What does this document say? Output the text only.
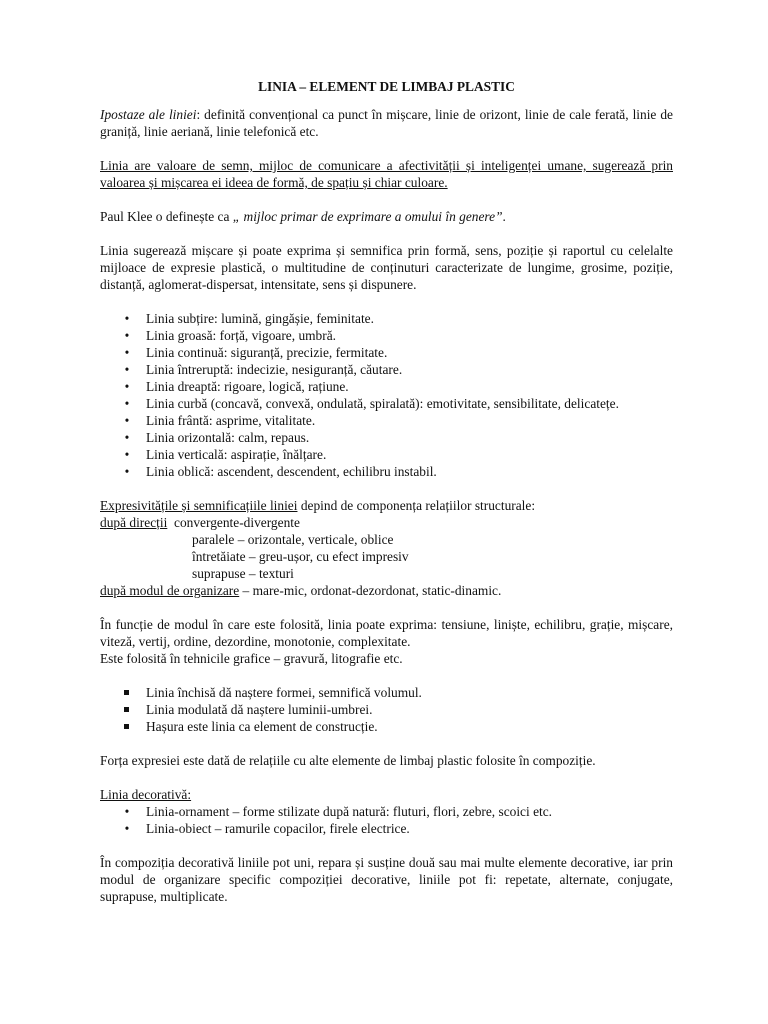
LINIA – ELEMENT DE LIMBAJ PLASTIC

Ipostaze ale liniei: definită convențional ca punct în mișcare, linie de orizont, linie de cale ferată, linie de graniță, linie aeriană, linie telefonică etc.

Linia are valoare de semn, mijloc de comunicare a afectivității și inteligenței umane, sugerează prin valoarea și mișcarea ei ideea de formă, de spațiu și chiar culoare.

Paul Klee o definește ca „ mijloc primar de exprimare a omului în genere”.

Linia sugerează mișcare și poate exprima și semnifica prin formă, sens, poziție și raportul cu celelalte mijloace de expresie plastică, o multitudine de conținuturi caracterizate de lungime, grosime, poziție, distanță, aglomerat-dispersat, intensitate, sens și dispunere.

• Linia subțire: lumină, gingășie, feminitate.
• Linia groasă: forță, vigoare, umbră.
• Linia continuă: siguranță, precizie, fermitate.
• Linia întreruptă: indecizie, nesiguranță, căutare.
• Linia dreaptă: rigoare, logică, rațiune.
• Linia curbă (concavă, convexă, ondulată, spiralată): emotivitate, sensibilitate, delicatețe.
• Linia frântă: asprime, vitalitate.
• Linia orizontală: calm, repaus.
• Linia verticală: aspirație, înălțare.
• Linia oblică: ascendent, descendent, echilibru instabil.
Expresivitățile și semnificațiile liniei depind de componența relațiilor structurale:
după direcții convergente-divergente
paralele – orizontale, verticale, oblice
întretăiate – greu-ușor, cu efect impresiv
suprapuse – texturi
după modul de organizare – mare-mic, ordonat-dezordonat, static-dinamic.

În funcție de modul în care este folosită, linia poate exprima: tensiune, liniște, echilibru, grație, mișcare, viteză, vertij, ordine, dezordine, monotonie, complexitate.

Este folosită în tehnicile grafice – gravură, litografie etc.

Linia închisă dă naștere formei, semnifică volumul.
Linia modulată dă naștere luminii-umbrei.
Hașura este linia ca element de construcție.

Forța expresiei este dată de relațiile cu alte elemente de limbaj plastic folosite în compoziție.

Linia decorativă:
• Linia-ornament – forme stilizate după natură: fluturi, flori, zebre, scoici etc.
• Linia-obiect – ramurile copacilor, firele electrice.

În compoziția decorativă liniile pot uni, repara și susține două sau mai multe elemente decorative, iar prin modul de organizare specific compoziției decorative, liniile pot fi: repetate, alternate, conjugate, suprapuse, multiplicate.
